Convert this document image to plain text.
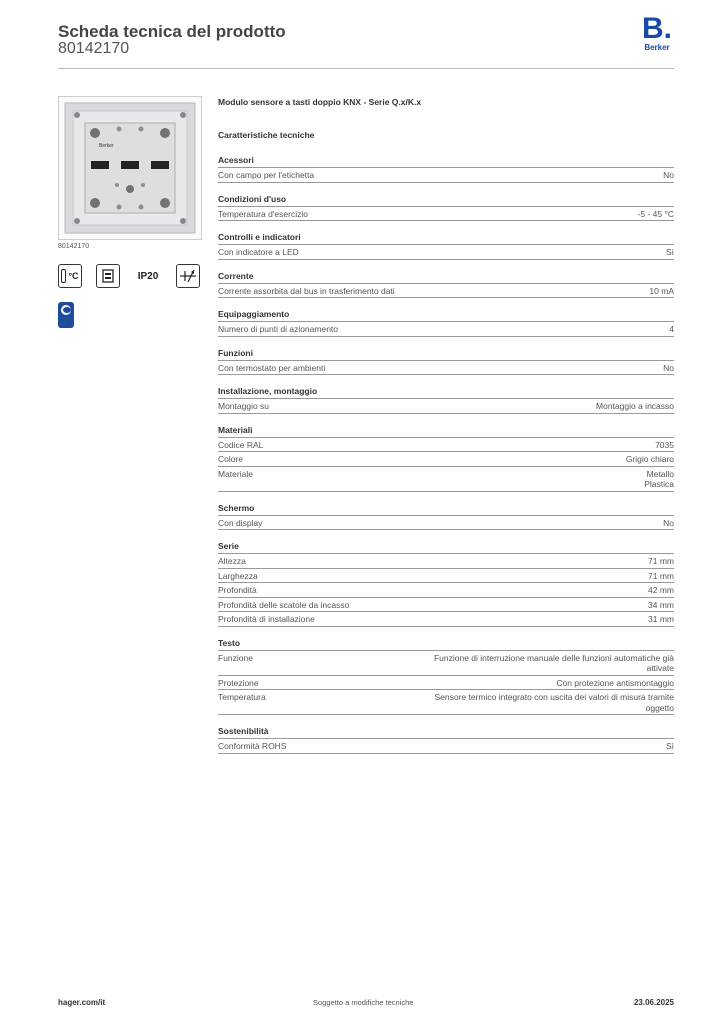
Scheda tecnica del prodotto
80142170
B.
Berker
Berker
80142170
°C	IP20
Modulo sensore a tasti doppio KNX - Serie Q.x/K.x
Caratteristiche tecniche
Acessori
Con campo per l'etichetta	No
Condizioni d'uso
Temperatura d'esercizio	-5 - 45 °C
Controlli e indicatori
Con indicatore a LED	Sì
Corrente
Corrente assorbita dal bus in trasferimento dati	10 mA
Equipaggiamento
Numero di punti di azionamento	4
Funzioni
Con termostato per ambienti	No
Installazione, montaggio
Montaggio su	Montaggio a incasso
Materiali
Codice RAL	7035
Colore	Grigio chiaro
Materiale	Metallo
Plastica
Schermo
Con display	No
Serie
Altezza	71 mm
Larghezza	71 mm
Profondità	42 mm
Profondità delle scatole da incasso	34 mm
Profondità di installazione	31 mm
Testo
Funzione	Funzione di interruzione manuale delle funzioni automatiche già attivate
Protezione	Con protezione antismontaggio
Temperatura	Sensore termico integrato con uscita dei valori di misura tramite oggetto
Sostenibilità
Conformità ROHS	Sì
hager.com/it	Soggetto a modifiche tecniche	23.06.2025
